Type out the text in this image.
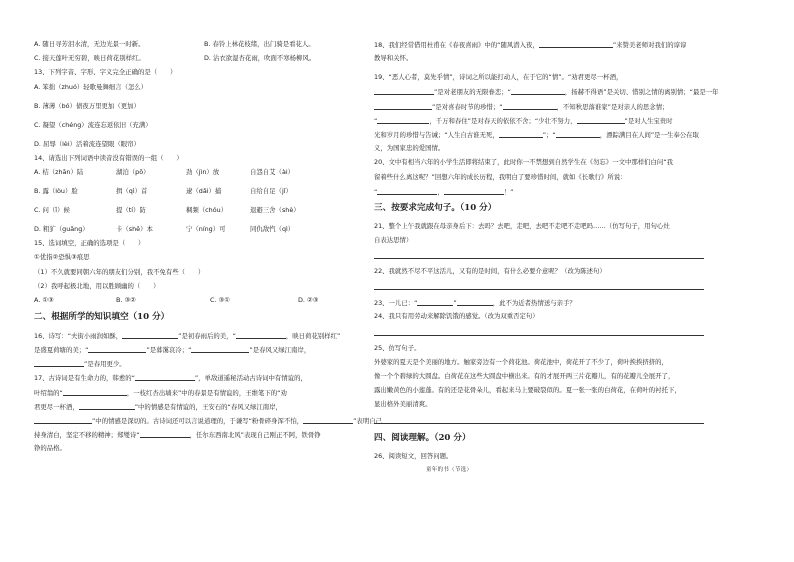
A. 随日寻芳泪水清，无边光景一时新。	B. 春铃上林花枝绪，出门骑是看花人。
C. 接天莲叶无穷碧，映日荷花别样红。	D. 沾衣欲湿杏花雨，吹面不寒杨柳风。
13、下列字音、字形、字义完全正确的是（　　）
A. 笨拙（zhuó）轻歌曼舞细言（怎么）
B. 薄薄（bó）债夜万里更加（更加）
C. 凝望（chéng）流连忘返依旧（充满）
D. 屈辱（lèi）活着流连望眼（眼帘）
14、请选出下列词语中读音没有错误的一组（　　）
A. 桔（zhān）陆	湖泊（pō）	劲（jìn）放	自怨自艾（ài）
B. 露（lòu）脸	揖（qì）首	逮（dǎi）捕	自给自足（jǐ）
C. 问（ǐ）候	提（tí）防	稠频（chóu）	退避三舍（shè）
D. 粗犷（guǎng）	卡（shě）本	宁（níng）可	同仇敌忾（qì）
15、选词填空，正确的选项是（　　）
①优指②恐惧③痕思
（1）不久就要同朝六年的朋友们分别，我不免有些（　　）
（2）我呼起极北地，用以胜顾幽的（　　）
A. ①③	B. ③②	C. ③①	D. ②③
二、根据所学的知识填空（10 分）
16、诗写：“夫街小雨润如酥，	”是初春雨后的美，“	，映日荷花别样红”
是盛夏荷塘的美；“	”是暮霭哀冷；“	”是春风又绿江南岸，
”是春用更少。
17、古诗词是有生命力的，韩愈的“	”，单敌道遥秘活动古诗词中有情谊的，
叶绍翁的“	，一枝红杏出墙来”中的春景是有情谊的，王维笔下的“劝
君更尽一杯酒，	”中的情感是有情谊的，王安石的“春风又绿江南岸，
”中的情感是深切的。古诗词还可以言说道理的，于谦写“粉骨碎身浑不怕，	”表明自己
持身清白，坚定不移的精神；郑燮诗“	，任尔东西南北风”表现自己刚正不阿，铁骨铮
铮的品格。
18、我们经常借用杜甫在《春夜喜雨》中的“随风潜入夜，	”来赞美老师对我们的谆谆
教导和关怀。
19、“恶人心者，莫先乎情”，诗词之所以能打动人，在于它的“情”。“劝君更尽一杯酒，
”是对老朋友的无限眷恋；“	，扬赫不得语”是关切、惜别之情的离别情；“最是一年
”是对喜春时节的珍惜；“	，不知秋思落谁家”是对亲人的思念情；
“	，千万和春住”是对春天的依依不舍；“少壮不努力，	”是对人生宝贵时
光和岁月的珍惜与告诫；“人生自古谁无死，	”；“	，漂踪满目在人间”是一生奉公在取
义，为国家忠的爱国情。
20、文中有相当六年的小学生活即将结束了，此时你一不禁想到自然学生在《勿忘》一文中那样们白问“我
留着些什么离这呢？”回想六年的成长历程，我明白了要珍惜时间，就如《长歌行》所说：
“	，	！”
三、按要求完成句子。（10 分）
21、整个上午我就跟在母亲身后下：去吗？去吧，走吧，去吧不走吧不走吧吗……（仿写句子，用句心灶
自表达思情）
22、我就然不尽不平这活儿，又有的是时间，有什么必要介意呢？（改为陈述句）
23、一儿已：“	”	，此不为近者热情送与亲手？
24、我只有用劳动来解除饥饿的感觉。（改为双重否定句）
25、仿写句子。
外婆家的夏天是个美丽的地方。触家旁边有一个荷花池。荷花池中，荷花开了不少了，荷叶挨挨挤挤的，
像一个个碧绿的大圆盘。白荷花在这些大圆盘中横出来。有的才展开两三片花瓣儿，有的花瓣儿全展开了，
露出嫩黄色的小莲蓬。有的还是花骨朵儿，看起来马上要破裂似的。夏一张一张的白荷花，在荷叶的衬托下，
显出格外美丽清爽。
四、阅读理解。（20 分）
26、阅读短文，回答问题。
童年的书（节选）
